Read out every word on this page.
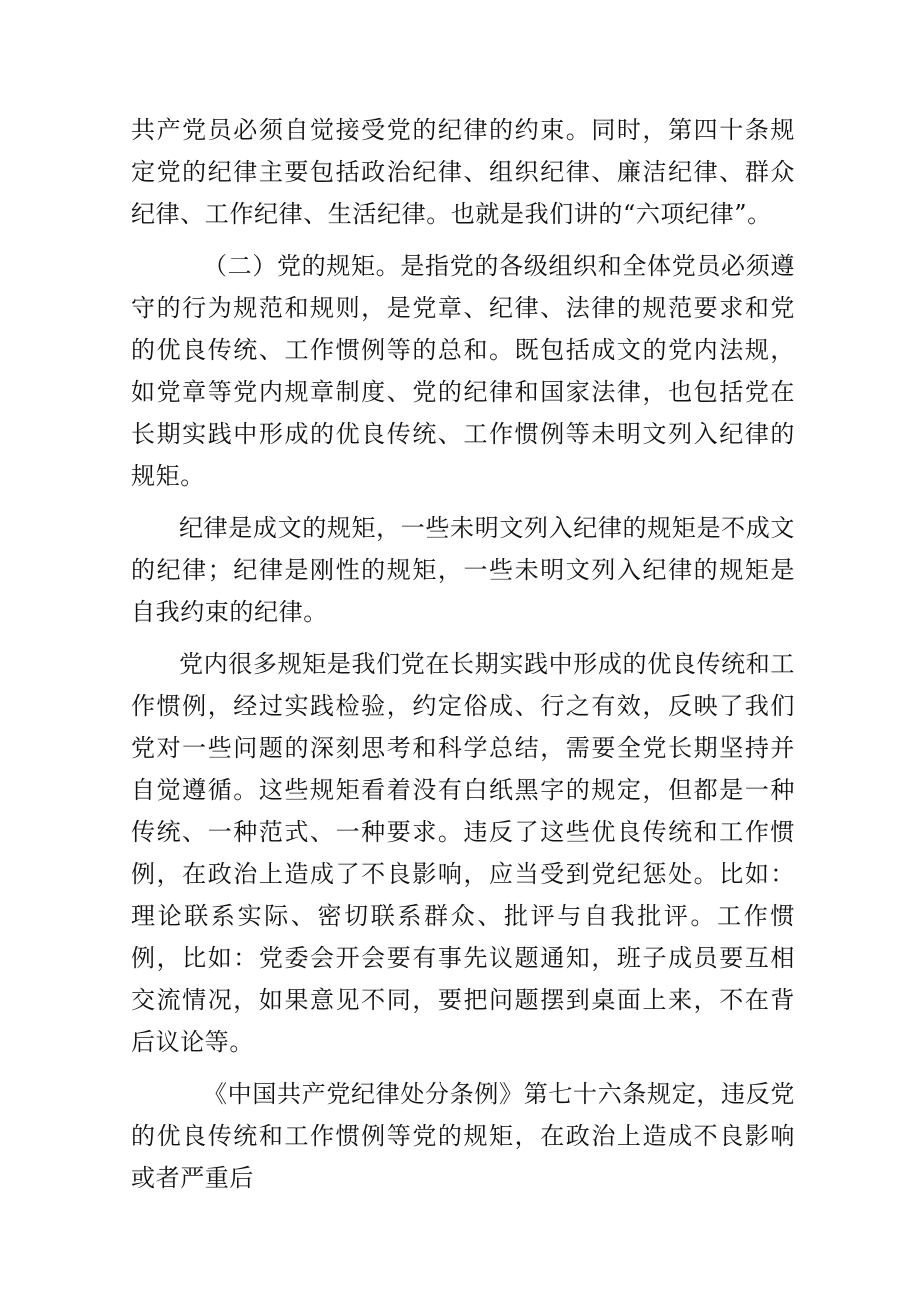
共产党员必须自觉接受党的纪律的约束。同时，第四十条规定党的纪律主要包括政治纪律、组织纪律、廉洁纪律、群众纪律、工作纪律、生活纪律。也就是我们讲的“六项纪律”。

（二）党的规矩。是指党的各级组织和全体党员必须遵守的行为规范和规则，是党章、纪律、法律的规范要求和党的优良传统、工作惯例等的总和。既包括成文的党内法规，如党章等党内规章制度、党的纪律和国家法律，也包括党在长期实践中形成的优良传统、工作惯例等未明文列入纪律的规矩。

纪律是成文的规矩，一些未明文列入纪律的规矩是不成文的纪律；纪律是刚性的规矩，一些未明文列入纪律的规矩是自我约束的纪律。

党内很多规矩是我们党在长期实践中形成的优良传统和工作惯例，经过实践检验，约定俗成、行之有效，反映了我们党对一些问题的深刻思考和科学总结，需要全党长期坚持并自觉遵循。这些规矩看着没有白纸黑字的规定，但都是一种传统、一种范式、一种要求。违反了这些优良传统和工作惯例，在政治上造成了不良影响，应当受到党纪惩处。比如：理论联系实际、密切联系群众、批评与自我批评。工作惯例，比如：党委会开会要有事先议题通知，班子成员要互相交流情况，如果意见不同，要把问题摆到桌面上来，不在背后议论等。

《中国共产党纪律处分条例》第七十六条规定，违反党的优良传统和工作惯例等党的规矩，在政治上造成不良影响或者严重后
